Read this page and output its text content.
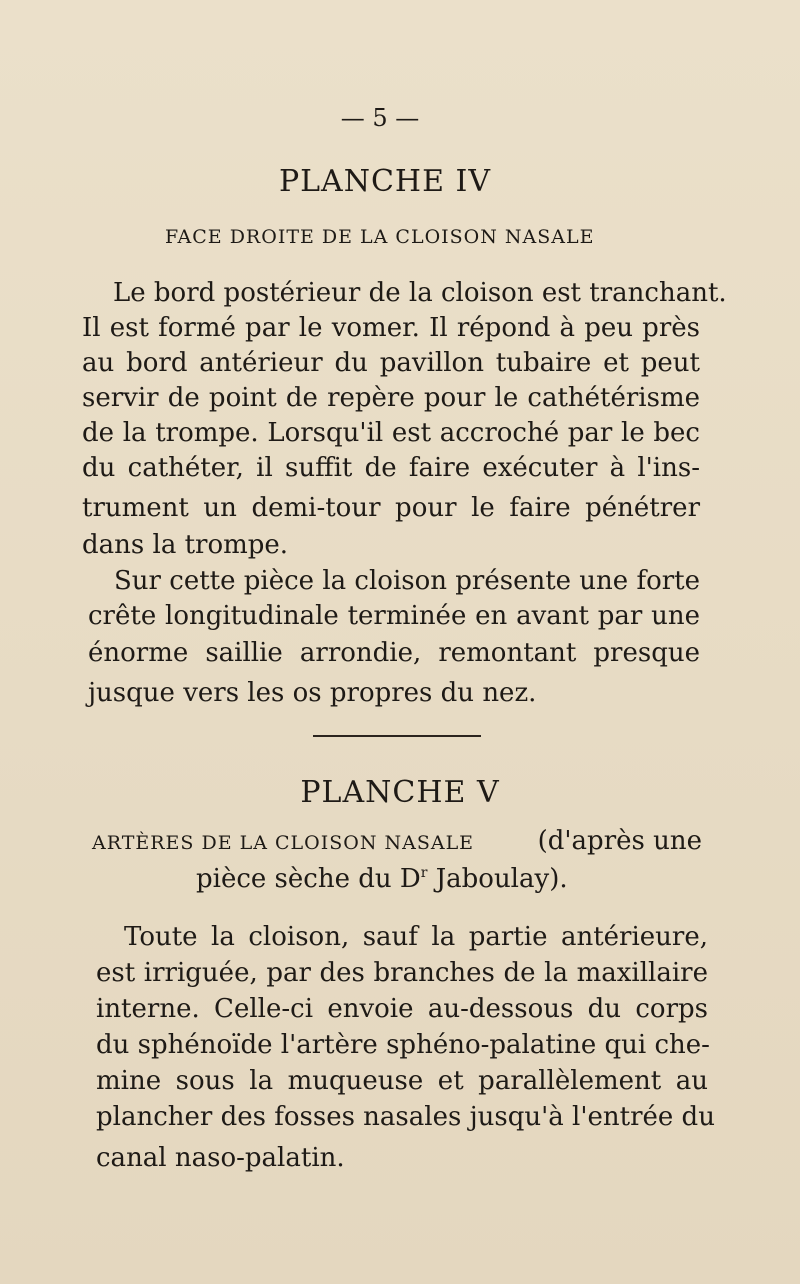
— 5 —
PLANCHE IV
FACE DROITE DE LA CLOISON NASALE
Le bord postérieur de la cloison est tranchant.
Il est formé par le vomer. Il répond à peu près
au bord antérieur du pavillon tubaire et peut
servir de point de repère pour le cathétérisme
de la trompe. Lorsqu'il est accroché par le bec
du cathéter, il suffit de faire exécuter à l'ins-
trument un demi-tour pour le faire pénétrer
dans la trompe.
Sur cette pièce la cloison présente une forte
crête longitudinale terminée en avant par une
énorme saillie arrondie, remontant presque
jusque vers les os propres du nez.
PLANCHE V
ARTÈRES DE LA CLOISON NASALE (d'après une
pièce sèche du $D^r$ Jaboulay).
Toute la cloison, sauf la partie antérieure,
est irriguée, par des branches de la maxillaire
interne. Celle-ci envoie au-dessous du corps
du sphénoïde l'artère sphéno-palatine qui che-
mine sous la muqueuse et parallèlement au
plancher des fosses nasales jusqu'à l'entrée du
canal naso-palatin.
